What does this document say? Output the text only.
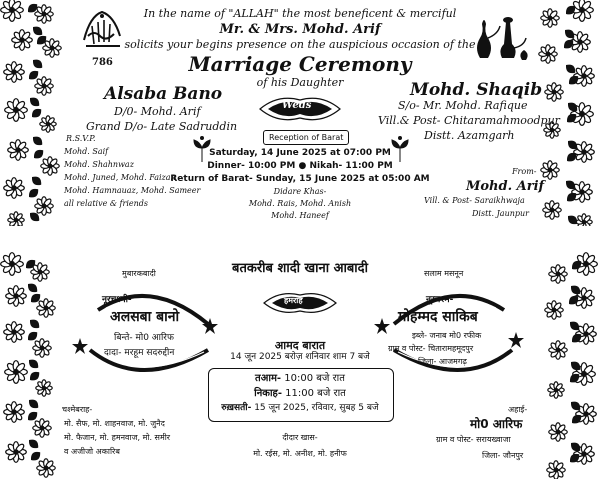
786
In the name of "ALLAH" the most beneficent & merciful
Mr. & Mrs. Mohd. Arif
solicits your begins presence on the auspicious occasion of the
Marriage Ceremony
of his Daughter
Alsaba Bano
D/0- Mohd. Arif
Grand D/o- Late Sadruddin
Weds
Mohd. Shaqib
S/o- Mr. Mohd. Rafique
Vill.& Post- Chitaramahmoodpur
Distt. Azamgarh
Reception of Barat
Saturday, 14 June 2025 at 07:00 PM
Dinner- 10:00 PM ● Nikah- 11:00 PM
Return of Barat- Sunday, 15 June 2025 at 05:00 AM
R.S.V.P.
Mohd. Saif
Mohd. Shahnwaz
Mohd. Juned, Mohd. Faizan
Mohd. Hamnauaz, Mohd. Sameer
all relative & friends
Didare Khas-
Mohd. Rais, Mohd. Anish
Mohd. Haneef
From-
Mohd. Arif
Vill. & Post- Saraikhwaja
Distt. Jaunpur
बतकरीब शादी खाना आबादी
मुबारकबादी	सलाम मसनून
हमराह
नूरचश्मी-
अलसबा बानो
बिन्ते- मो0 आरिफ
दादा- मरहूम सदरुद्दीन
नूरचश्म-
मोहम्मद साकिब
इब्ले- जनाब मो0 रफीक
ग्राम व पोस्ट- चितारामहमूदपुर
जिला- आजमगढ़
आमद बारात
14 जून 2025 बरोज़ शनिवार शाम 7 बजे
तआम- 10:00 बजे रात
निकाह- 11:00 बजे रात
रुख़सती- 15 जून 2025, रविवार, सुबह 5 बजे
चश्मेबराह-
मो. सैफ, मो. शाहनवाज, मो. जुनैद
मो. फैजान, मो. हमनवाज, मो. समीर
व अजीजो अकारिब
दीदार खास-
मो. रईस, मो. अनीश, मो. हनीफ
अहाई-
मो0 आरिफ
ग्राम व पोस्ट- सरायख्वाजा
जिला- जौनपुर
